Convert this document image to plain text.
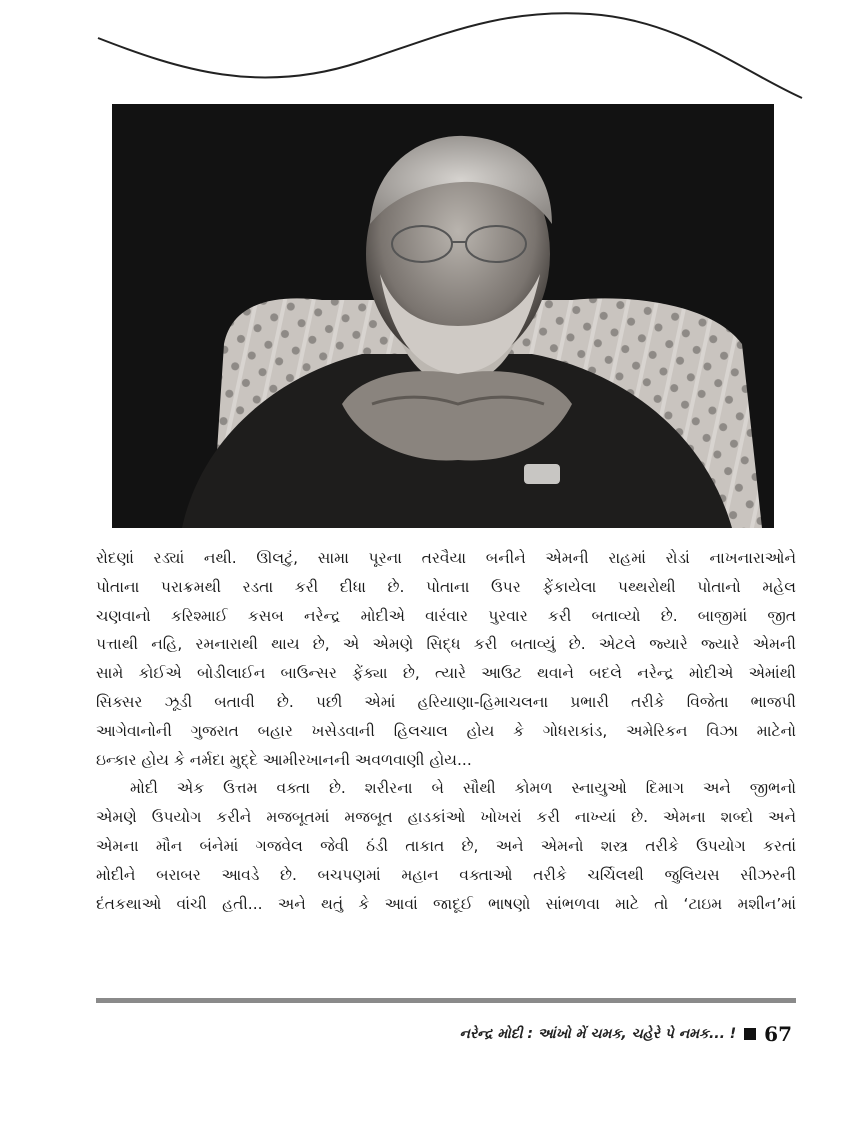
રોદણાં રડ્યાં નથી. ઊલટું, સામા પૂરના તરવૈયા બનીને એમની રાહમાં રોડાં નાખનારાઓને
પોતાના પરાક્રમથી રડતા કરી દીધા છે. પોતાના ઉપર ફેંકાયેલા પથ્થરોથી પોતાનો મહેલ
ચણવાનો કરિશ્માઈ કસબ નરેન્દ્ર મોદીએ વારંવાર પુરવાર કરી બતાવ્યો છે. બાજીમાં જીત
પત્તાથી નહિ, રમનારાથી થાય છે, એ એમણે સિદ્ધ કરી બતાવ્યું છે. એટલે જ્યારે જ્યારે એમની
સામે કોઈએ બોડીલાઈન બાઉન્સર ફેંક્યા છે, ત્યારે આઉટ થવાને બદલે નરેન્દ્ર મોદીએ એમાંથી
સિક્સર ઝૂડી બતાવી છે. પછી એમાં હરિયાણા-હિમાચલના પ્રભારી તરીકે વિજેતા ભાજપી
આગેવાનોની ગુજરાત બહાર ખસેડવાની હિલચાલ હોય કે ગોધરાકાંડ, અમેરિકન વિઝા માટેનો
ઇન્કાર હોય કે નર્મદા મુદ્દે આમીરખાનની અવળવાણી હોય...
મોદી એક ઉત્તમ વક્તા છે. શરીરના બે સૌથી કોમળ સ્નાયુઓ દિમાગ અને જીભનો
એમણે ઉપયોગ કરીને મજબૂતમાં મજબૂત હાડકાંઓ ખોખરાં કરી નાખ્યાં છે. એમના શબ્દો અને
એમના મૌન બંનેમાં ગજવેલ જેવી ઠંડી તાકાત છે, અને એમનો શસ્ત્ર તરીકે ઉપયોગ કરતાં
મોદીને બરાબર આવડે છે. બચપણમાં મહાન વક્તાઓ તરીકે ચર્ચિલથી જુલિયસ સીઝરની
દંતકથાઓ વાંચી હતી... અને થતું કે આવાં જાદૂઈ ભાષણો સાંભળવા માટે તો ‘ટાઇમ મશીન’માં
નરેન્દ્ર મોદી : આંખો મેં ચમક, ચહેરે પે નમક... ! 67
